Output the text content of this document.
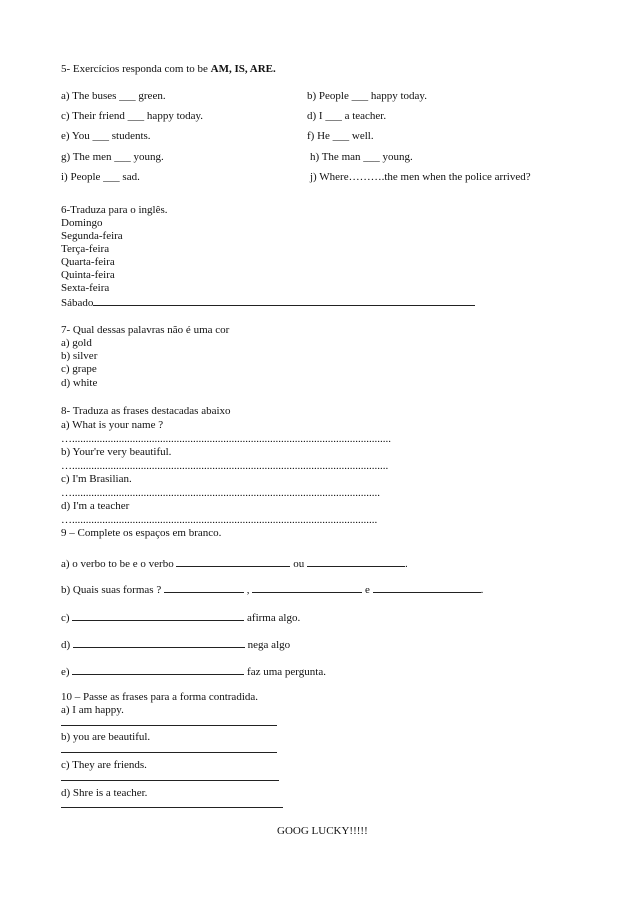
5- Exercícios responda com to be AM, IS, ARE.
a) The buses ___ green.	b) People ___ happy today.
c) Their friend ___ happy today.	d) I ___ a teacher.
e) You ___ students.	f) He ___ well.
g) The men ___ young.	h) The man ___ young.
i) People ___ sad.	j) Where……….the men when the police arrived?
6-Traduza para o inglês.
Domingo
Segunda-feira
Terça-feira
Quarta-feira
Quinta-feira
Sexta-feira
Sábado
7- Qual dessas palavras não é uma cor
a) gold
b) silver
c) grape
d) white
8- Traduza as frases destacadas abaixo
a) What is your name ?
…....................................................................................................................
b) Your're very beautiful.
…...................................................................................................................
c) I'm Brasilian.
…................................................................................................................
d) I'm a teacher
…...............................................................................................................
9 – Complete os espaços em branco.
a) o verbo to be e o verbo	ou	.
b) Quais suas formas ?	,	e	.
c)	afirma algo.
d)	nega algo
e)	faz uma pergunta.
10 – Passe as frases para a forma contradida.
a) I am happy.
b) you are beautiful.
c) They are friends.
d) Shre is a teacher.
GOOG LUCKY!!!!!
